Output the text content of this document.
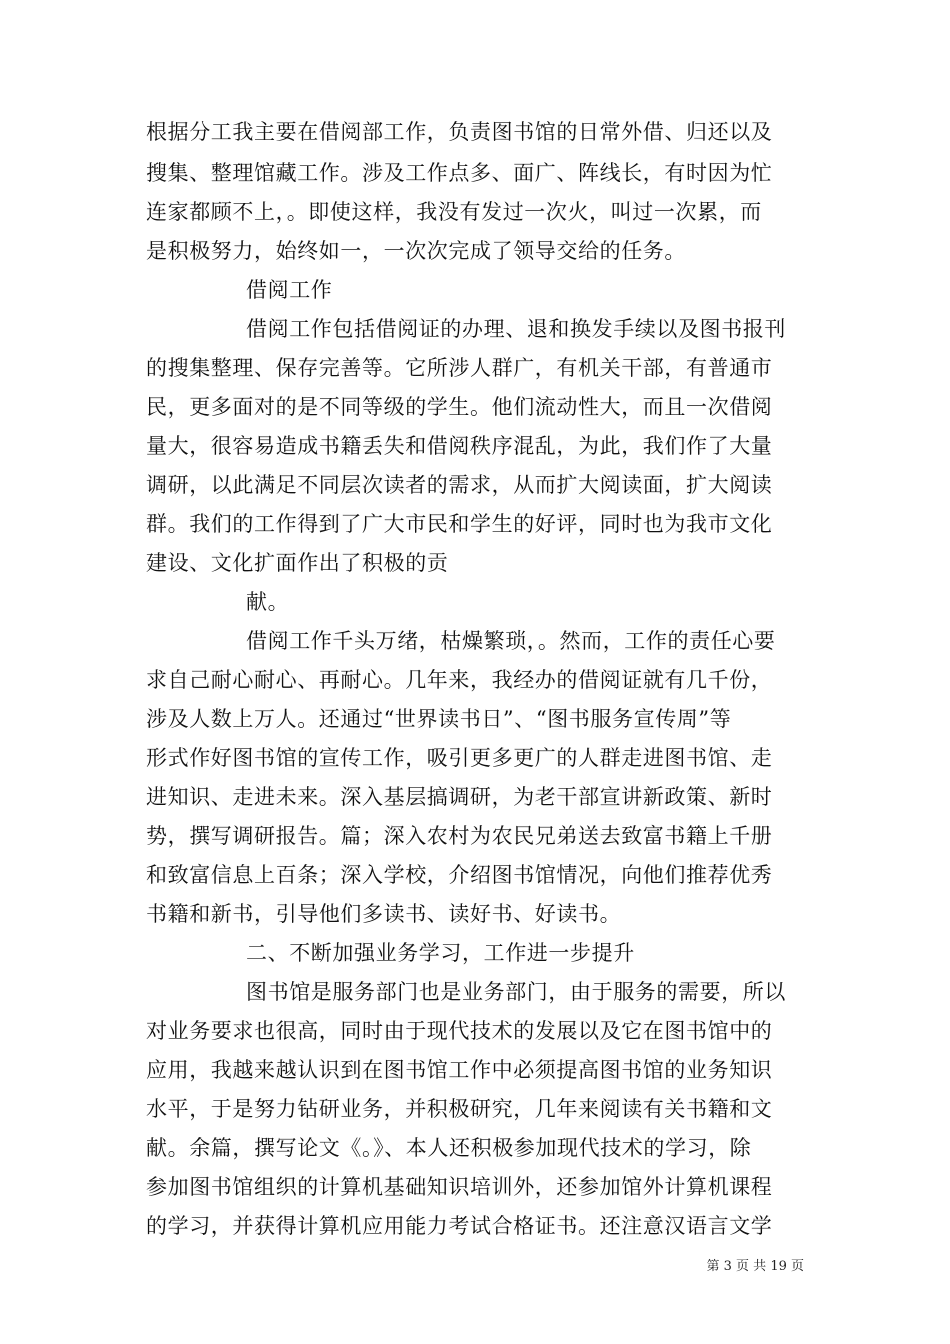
根据分工我主要在借阅部工作，负责图书馆的日常外借、归还以及
搜集、整理馆藏工作。涉及工作点多、面广、阵线长，有时因为忙
连家都顾不上，。即使这样，我没有发过一次火，叫过一次累，而
是积极努力，始终如一，一次次完成了领导交给的任务。
借阅工作
借阅工作包括借阅证的办理、退和换发手续以及图书报刊
的搜集整理、保存完善等。它所涉人群广，有机关干部，有普通市
民，更多面对的是不同等级的学生。他们流动性大，而且一次借阅
量大，很容易造成书籍丢失和借阅秩序混乱，为此，我们作了大量
调研，以此满足不同层次读者的需求，从而扩大阅读面，扩大阅读
群。我们的工作得到了广大市民和学生的好评，同时也为我市文化
建设、文化扩面作出了积极的贡
献。
借阅工作千头万绪，枯燥繁琐，。然而，工作的责任心要
求自己耐心耐心、再耐心。几年来，我经办的借阅证就有几千份，
涉及人数上万人。还通过“世界读书日”、“图书服务宣传周”等
形式作好图书馆的宣传工作，吸引更多更广的人群走进图书馆、走
进知识、走进未来。深入基层搞调研，为老干部宣讲新政策、新时
势，撰写调研报告。篇；深入农村为农民兄弟送去致富书籍上千册
和致富信息上百条；深入学校，介绍图书馆情况，向他们推荐优秀
书籍和新书，引导他们多读书、读好书、好读书。
二、不断加强业务学习，工作进一步提升
图书馆是服务部门也是业务部门，由于服务的需要，所以
对业务要求也很高，同时由于现代技术的发展以及它在图书馆中的
应用，我越来越认识到在图书馆工作中必须提高图书馆的业务知识
水平，于是努力钻研业务，并积极研究，几年来阅读有关书籍和文
献。余篇，撰写论文《。》、本人还积极参加现代技术的学习，除
参加图书馆组织的计算机基础知识培训外，还参加馆外计算机课程
的学习，并获得计算机应用能力考试合格证书。还注意汉语言文学
第 3 页 共 19 页
